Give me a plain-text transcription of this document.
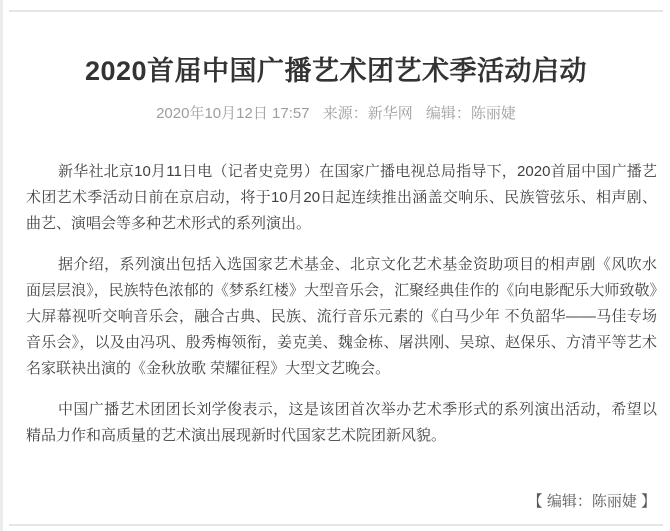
2020首届中国广播艺术团艺术季活动启动
2020年10月12日 17:57 来源：新华网 编辑：陈丽婕

新华社北京10月11日电（记者史竞男）在国家广播电视总局指导下，2020首届中国广播艺术团艺术季活动日前在京启动，将于10月20日起连续推出涵盖交响乐、民族管弦乐、相声剧、曲艺、演唱会等多种艺术形式的系列演出。

据介绍，系列演出包括入选国家艺术基金、北京文化艺术基金资助项目的相声剧《风吹水面层层浪》，民族特色浓郁的《梦系红楼》大型音乐会，汇聚经典佳作的《向电影配乐大师致敬》大屏幕视听交响音乐会，融合古典、民族、流行音乐元素的《白马少年 不负韶华——马佳专场音乐会》，以及由冯巩、殷秀梅领衔，姜克美、魏金栋、屠洪刚、吴琼、赵保乐、方清平等艺术名家联袂出演的《金秋放歌 荣耀征程》大型文艺晚会。

中国广播艺术团团长刘学俊表示，这是该团首次举办艺术季形式的系列演出活动，希望以精品力作和高质量的艺术演出展现新时代国家艺术院团新风貌。

【 编辑：陈丽婕 】
